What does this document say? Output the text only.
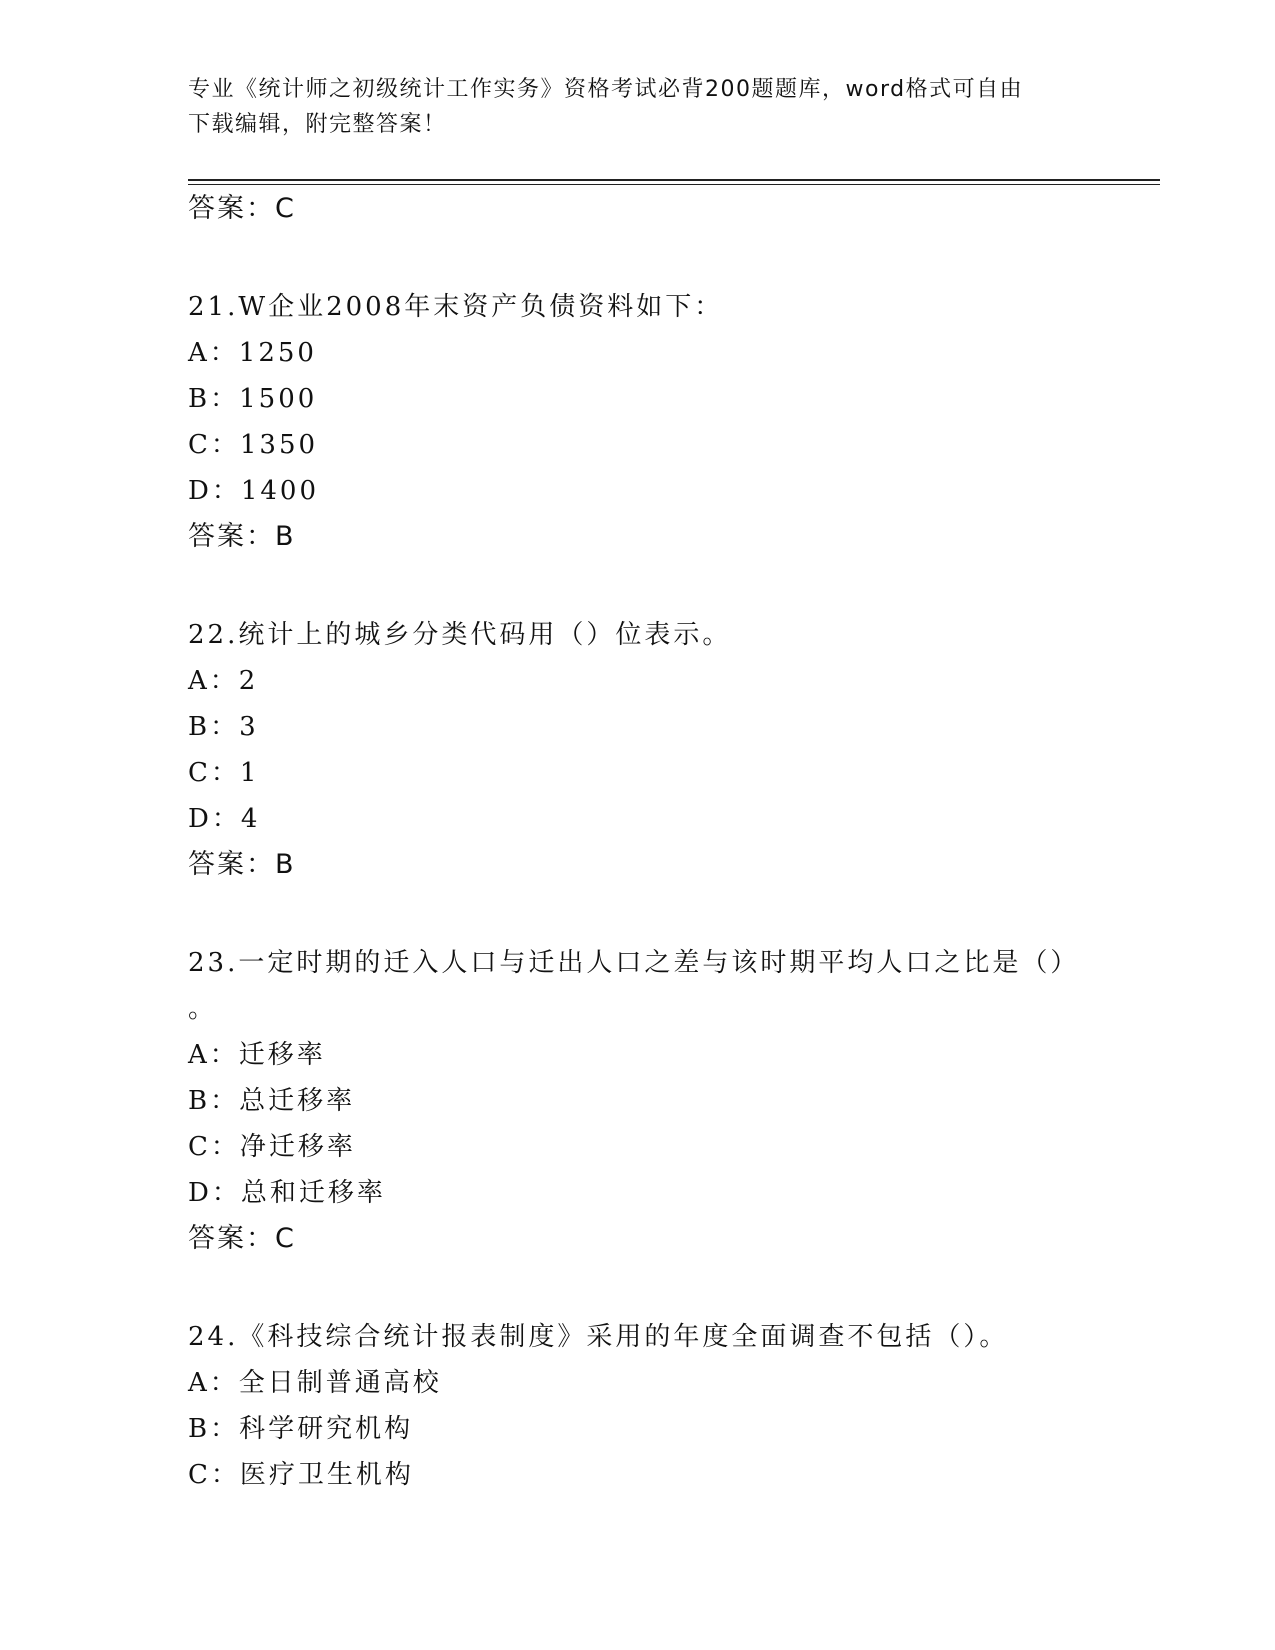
专业《统计师之初级统计工作实务》资格考试必背200题题库，word格式可自由
下载编辑，附完整答案！
答案：C
21.W企业2008年末资产负债资料如下：
A：1250
B：1500
C：1350
D：1400
答案：B
22.统计上的城乡分类代码用（）位表示。
A：2
B：3
C：1
D：4
答案：B
23.一定时期的迁入人口与迁出人口之差与该时期平均人口之比是（）
。
A：迁移率
B：总迁移率
C：净迁移率
D：总和迁移率
答案：C
24.《科技综合统计报表制度》采用的年度全面调查不包括（）。
A：全日制普通高校
B：科学研究机构
C：医疗卫生机构
